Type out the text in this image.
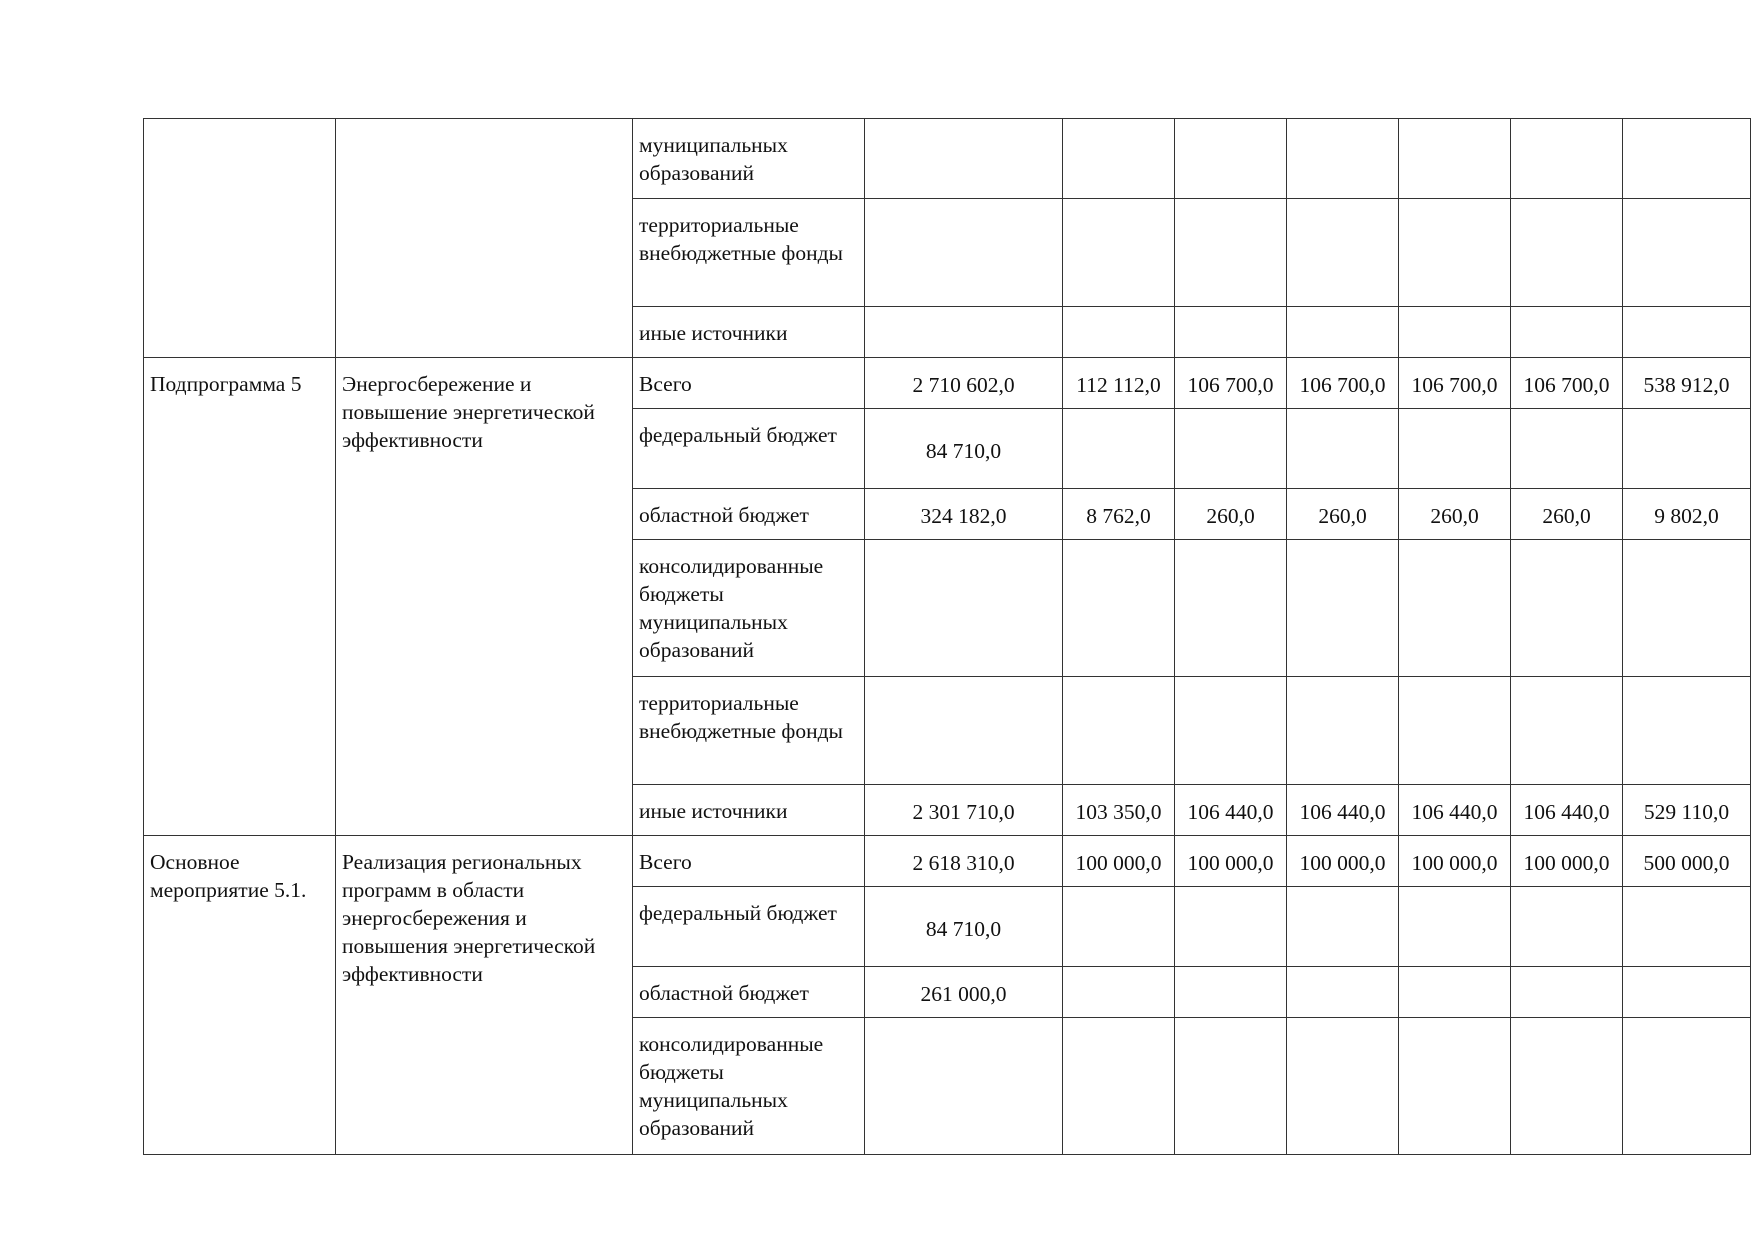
		муниципальных образований							
		территориальные внебюджетные фонды							
		иные источники							
Подпрограмма 5	Энергосбережение и повышение энергетической эффективности	Всего	2 710 602,0	112 112,0	106 700,0	106 700,0	106 700,0	106 700,0	538 912,0
		федеральный бюджет	84 710,0						
		областной бюджет	324 182,0	8 762,0	260,0	260,0	260,0	260,0	9 802,0
		консолидированные бюджеты муниципальных образований							
		территориальные внебюджетные фонды							
		иные источники	2 301 710,0	103 350,0	106 440,0	106 440,0	106 440,0	106 440,0	529 110,0
Основное мероприятие 5.1.	Реализация региональных программ в области энергосбережения и повышения энергетической эффективности	Всего	2 618 310,0	100 000,0	100 000,0	100 000,0	100 000,0	100 000,0	500 000,0
		федеральный бюджет	84 710,0						
		областной бюджет	261 000,0						
		консолидированные бюджеты муниципальных образований							
